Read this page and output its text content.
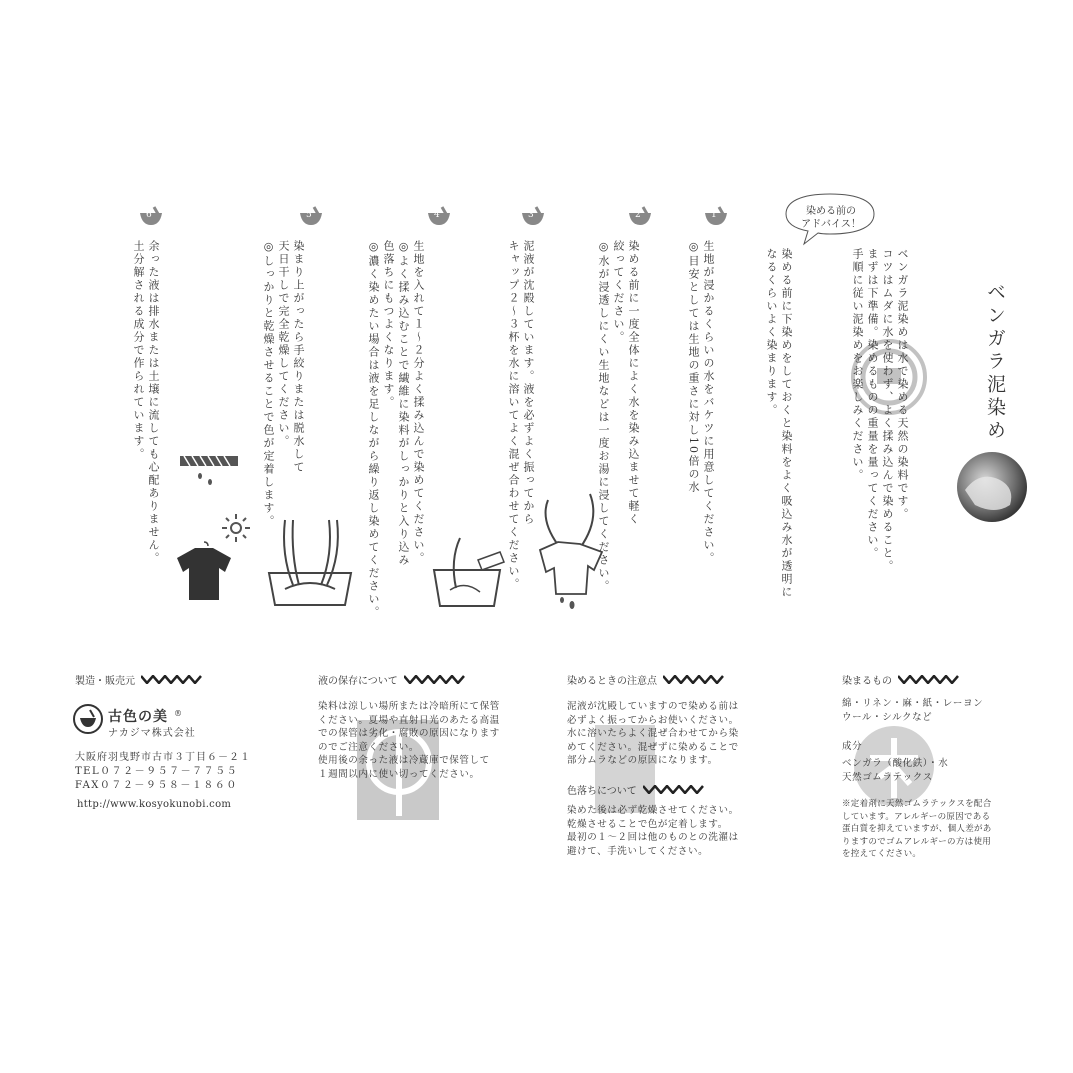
ベンガラ泥染め
ベンガラ泥染めは水で染める天然の染料です。
コツはムダに水を使わず、よく揉み込んで染めること。
まずは下準備。染めるものの重量を量ってください。
手順に従い泥染めをお楽しみください。
染める前の
アドバイス！
染める前に下染めをしておくと染料をよく吸込み水が透明に
なるくらいよく染まります。
1
生地が浸かるくらいの水をバケツに用意してください。
◎目安としては生地の重さに対し10倍の水
2
染める前に一度全体によく水を染み込ませて軽く
絞ってください。
◎水が浸透しにくい生地などは一度お湯に浸してください。
3
泥液が沈殿しています。液を必ずよく振ってから
キャップ２〜３杯を水に溶いてよく混ぜ合わせてください。
4
生地を入れて１〜２分よく揉み込んで染めてください。
◎よく揉み込むことで繊維に染料がしっかりと入り込み
色落ちにもつよくなります。
◎濃く染めたい場合は液を足しながら繰り返し染めてください。
5
染まり上がったら手絞りまたは脱水して
天日干しで完全乾燥してください。
◎しっかりと乾燥させることで色が定着します。
6
余った液は排水または土壌に流しても心配ありません。
土分解される成分で作られています。
製造・販売元
古色の美 ®
ナカジマ株式会社
大阪府羽曳野市古市３丁目６－２１
TEL０７２－９５７－７７５５
FAX０７２－９５８－１８６０
http://www.kosyokunobi.com
液の保存について
染料は涼しい場所または冷暗所にて保管
ください。夏場や直射日光のあたる高温
での保管は劣化・腐敗の原因になります
のでご注意ください。
使用後の余った液は冷蔵庫で保管して
１週間以内に使い切ってください。
染めるときの注意点
泥液が沈殿していますので染める前は
必ずよく振ってからお使いください。
水に溶いたらよく混ぜ合わせてから染
めてください。混ぜずに染めることで
部分ムラなどの原因になります。
色落ちについて
染めた後は必ず乾燥させてください。
乾燥させることで色が定着します。
最初の１〜２回は他のものとの洗濯は
避けて、手洗いしてください。
染まるもの
綿・リネン・麻・紙・レーヨン
ウール・シルクなど
成分
ベンガラ（酸化鉄）・水
天然ゴムラテックス
※定着剤に天然ゴムラテックスを配合
しています。アレルギーの原因である
蛋白質を抑えていますが、個人差があ
りますのでゴムアレルギーの方は使用
を控えてください。
